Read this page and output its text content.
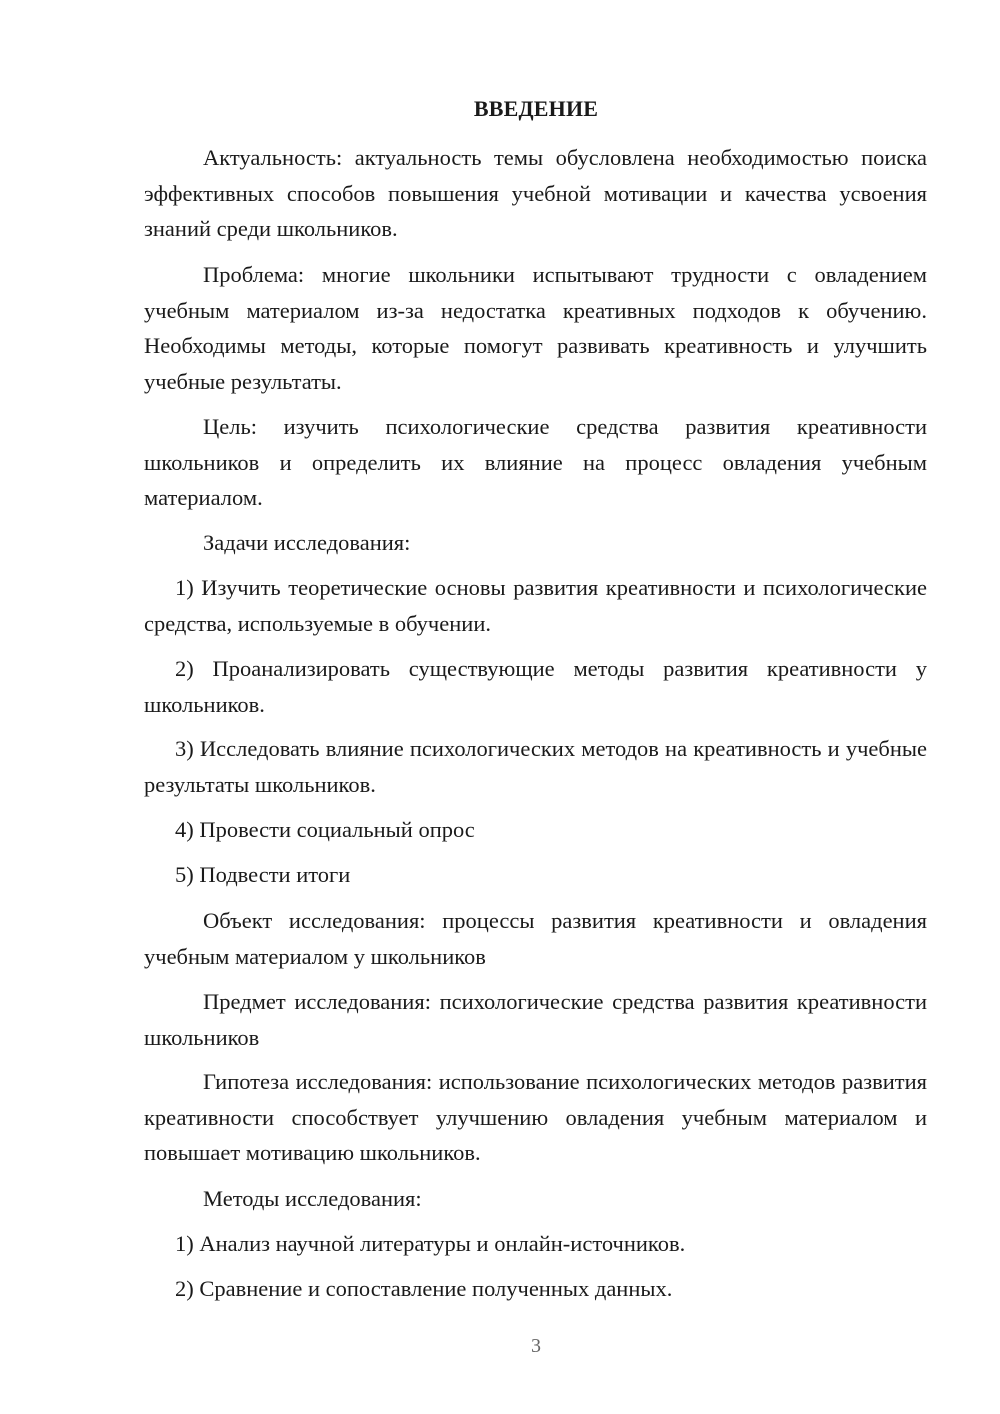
ВВЕДЕНИЕ

Актуальность: актуальность темы обусловлена необходимостью поиска эффективных способов повышения учебной мотивации и качества усвоения знаний среди школьников.

Проблема: многие школьники испытывают трудности с овладением учебным материалом из-за недостатка креативных подходов к обучению. Необходимы методы, которые помогут развивать креативность и улучшить учебные результаты.

Цель: изучить психологические средства развития креативности школьников и определить их влияние на процесс овладения учебным материалом.

Задачи исследования:

1) Изучить теоретические основы развития креативности и психологические средства, используемые в обучении.

2) Проанализировать существующие методы развития креативности у школьников.

3) Исследовать влияние психологических методов на креативность и учебные результаты школьников.

4) Провести социальный опрос

5) Подвести итоги

Объект исследования: процессы развития креативности и овладения учебным материалом у школьников

Предмет исследования: психологические средства развития креативности школьников

Гипотеза исследования: использование психологических методов развития креативности способствует улучшению овладения учебным материалом и повышает мотивацию школьников.

Методы исследования:

1) Анализ научной литературы и онлайн-источников.

2) Сравнение и сопоставление полученных данных.

3
